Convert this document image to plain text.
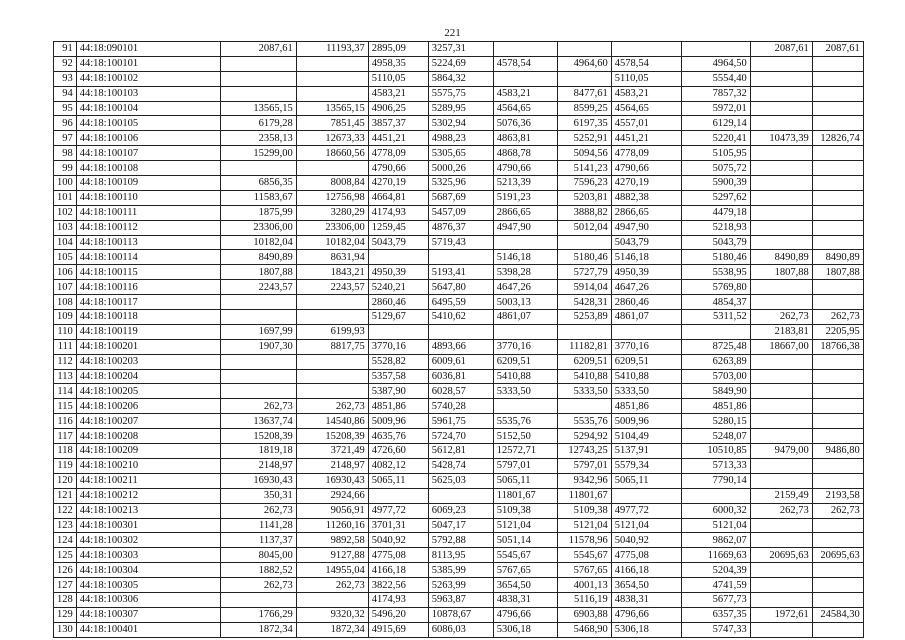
221
91	44:18:090101	2087,61	11193,37	2895,09	3257,31					2087,61	2087,61
92	44:18:100101			4958,35	5224,69	4578,54	4964,60	4578,54	4964,50		
93	44:18:100102			5110,05	5864,32			5110,05	5554,40		
94	44:18:100103			4583,21	5575,75	4583,21	8477,61	4583,21	7857,32		
95	44:18:100104	13565,15	13565,15	4906,25	5289,95	4564,65	8599,25	4564,65	5972,01		
96	44:18:100105	6179,28	7851,45	3857,37	5302,94	5076,36	6197,35	4557,01	6129,14		
97	44:18:100106	2358,13	12673,33	4451,21	4988,23	4863,81	5252,91	4451,21	5220,41	10473,39	12826,74
98	44:18:100107	15299,00	18660,56	4778,09	5305,65	4868,78	5094,56	4778,09	5105,95		
99	44:18:100108			4790,66	5000,26	4790,66	5141,23	4790,66	5075,72		
100	44:18:100109	6856,35	8008,84	4270,19	5325,96	5213,39	7596,23	4270,19	5900,39		
101	44:18:100110	11583,67	12756,98	4664,81	5687,69	5191,23	5203,81	4882,38	5297,62		
102	44:18:100111	1875,99	3280,29	4174,93	5457,09	2866,65	3888,82	2866,65	4479,18		
103	44:18:100112	23306,00	23306,00	1259,45	4876,37	4947,90	5012,04	4947,90	5218,93		
104	44:18:100113	10182,04	10182,04	5043,79	5719,43			5043,79	5043,79		
105	44:18:100114	8490,89	8631,94			5146,18	5180,46	5146,18	5180,46	8490,89	8490,89
106	44:18:100115	1807,88	1843,21	4950,39	5193,41	5398,28	5727,79	4950,39	5538,95	1807,88	1807,88
107	44:18:100116	2243,57	2243,57	5240,21	5647,80	4647,26	5914,04	4647,26	5769,80		
108	44:18:100117			2860,46	6495,59	5003,13	5428,31	2860,46	4854,37		
109	44:18:100118			5129,67	5410,62	4861,07	5253,89	4861,07	5311,52	262,73	262,73
110	44:18:100119	1697,99	6199,93							2183,81	2205,95
111	44:18:100201	1907,30	8817,75	3770,16	4893,66	3770,16	11182,81	3770,16	8725,48	18667,00	18766,38
112	44:18:100203			5528,82	6009,61	6209,51	6209,51	6209,51	6263,89		
113	44:18:100204			5357,58	6036,81	5410,88	5410,88	5410,88	5703,00		
114	44:18:100205			5387,90	6028,57	5333,50	5333,50	5333,50	5849,90		
115	44:18:100206	262,73	262,73	4851,86	5740,28			4851,86	4851,86		
116	44:18:100207	13637,74	14540,86	5009,96	5961,75	5535,76	5535,76	5009,96	5280,15		
117	44:18:100208	15208,39	15208,39	4635,76	5724,70	5152,50	5294,92	5104,49	5248,07		
118	44:18:100209	1819,18	3721,49	4726,60	5612,81	12572,71	12743,25	5137,91	10510,85	9479,00	9486,80
119	44:18:100210	2148,97	2148,97	4082,12	5428,74	5797,01	5797,01	5579,34	5713,33		
120	44:18:100211	16930,43	16930,43	5065,11	5625,03	5065,11	9342,96	5065,11	7790,14		
121	44:18:100212	350,31	2924,66			11801,67	11801,67			2159,49	2193,58
122	44:18:100213	262,73	9056,91	4977,72	6069,23	5109,38	5109,38	4977,72	6000,32	262,73	262,73
123	44:18:100301	1141,28	11260,16	3701,31	5047,17	5121,04	5121,04	5121,04	5121,04		
124	44:18:100302	1137,37	9892,58	5040,92	5792,88	5051,14	11578,96	5040,92	9862,07		
125	44:18:100303	8045,00	9127,88	4775,08	8113,95	5545,67	5545,67	4775,08	11669,63	20695,63	20695,63
126	44:18:100304	1882,52	14955,04	4166,18	5385,99	5767,65	5767,65	4166,18	5204,39		
127	44:18:100305	262,73	262,73	3822,56	5263,99	3654,50	4001,13	3654,50	4741,59		
128	44:18:100306			4174,93	5963,87	4838,31	5116,19	4838,31	5677,73		
129	44:18:100307	1766,29	9320,32	5496,20	10878,67	4796,66	6903,88	4796,66	6357,35	1972,61	24584,30
130	44:18:100401	1872,34	1872,34	4915,69	6086,03	5306,18	5468,90	5306,18	5747,33		
